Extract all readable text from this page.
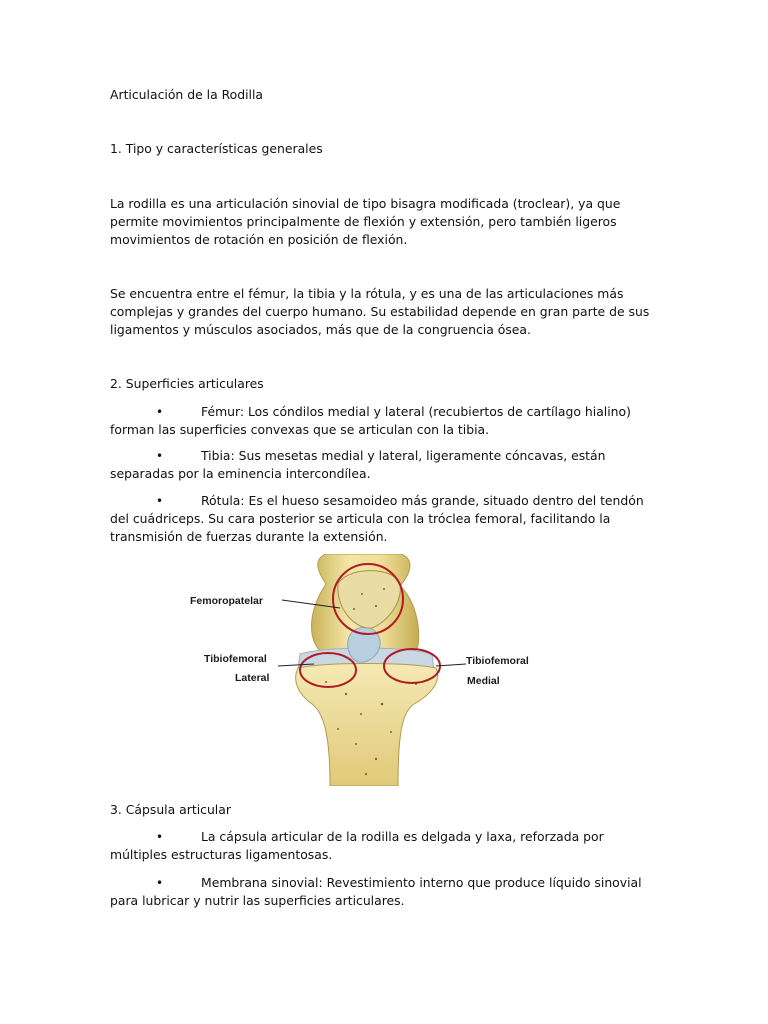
Articulación de la Rodilla

1. Tipo y características generales

La rodilla es una articulación sinovial de tipo bisagra modificada (troclear), ya que permite movimientos principalmente de flexión y extensión, pero también ligeros movimientos de rotación en posición de flexión.

Se encuentra entre el fémur, la tibia y la rótula, y es una de las articulaciones más complejas y grandes del cuerpo humano. Su estabilidad depende en gran parte de sus ligamentos y músculos asociados, más que de la congruencia ósea.

2. Superficies articulares

•	Fémur: Los cóndilos medial y lateral (recubiertos de cartílago hialino) forman las superficies convexas que se articulan con la tibia.
•	Tibia: Sus mesetas medial y lateral, ligeramente cóncavas, están separadas por la eminencia intercondílea.
•	Rótula: Es el hueso sesamoideo más grande, situado dentro del tendón del cuádriceps. Su cara posterior se articula con la tróclea femoral, facilitando la transmisión de fuerzas durante la extensión.
Femoropatelar
Tibiofemoral
Lateral
Tibiofemoral
Medial

3. Cápsula articular

•	La cápsula articular de la rodilla es delgada y laxa, reforzada por múltiples estructuras ligamentosas.
•	Membrana sinovial: Revestimiento interno que produce líquido sinovial para lubricar y nutrir las superficies articulares.
